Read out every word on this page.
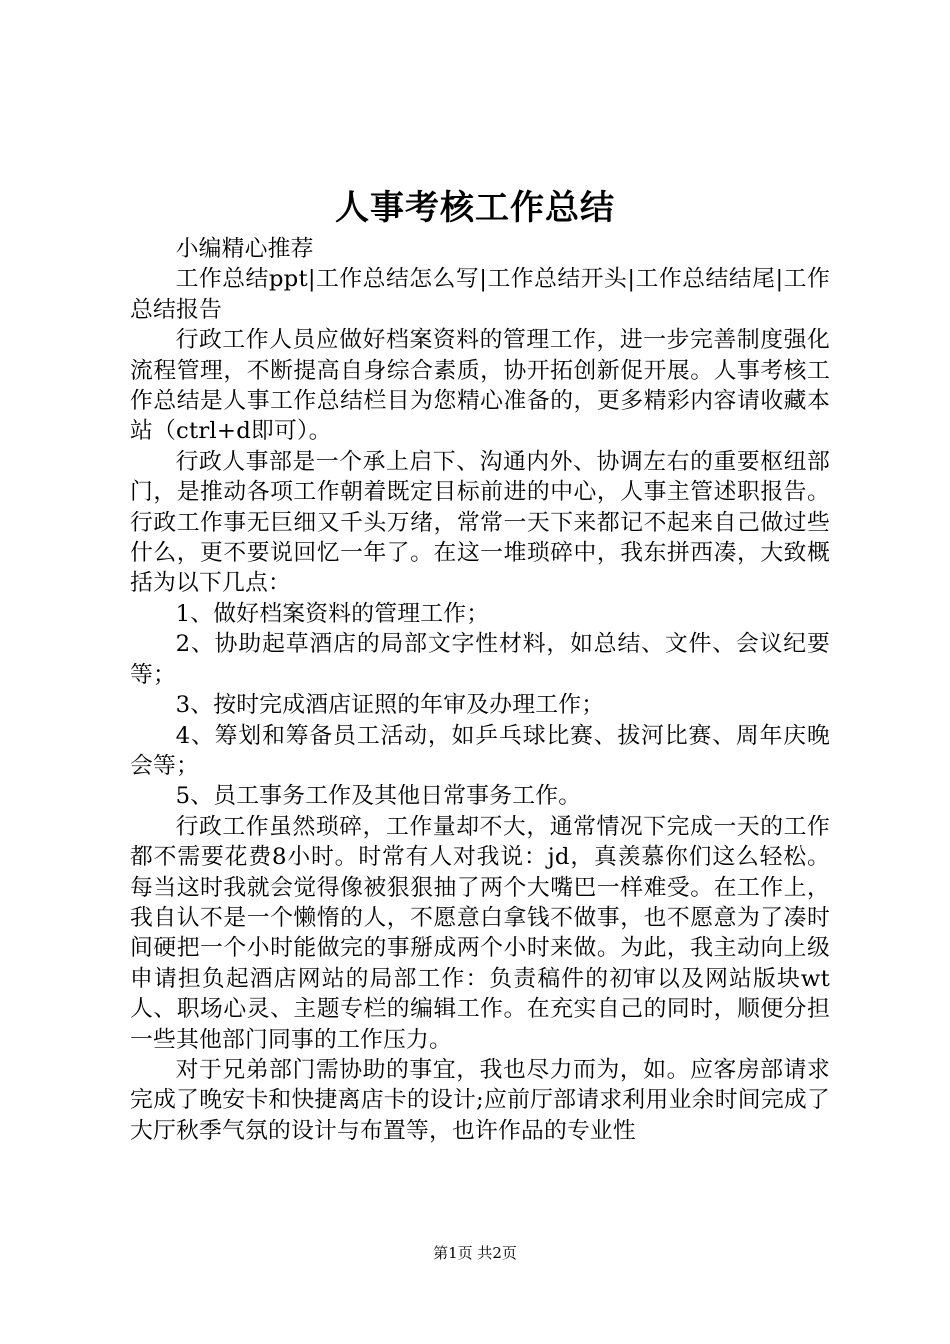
人事考核工作总结

小编精心推荐

工作总结ppt|工作总结怎么写|工作总结开头|工作总结结尾|工作总结报告

行政工作人员应做好档案资料的管理工作，进一步完善制度强化流程管理，不断提高自身综合素质，协开拓创新促开展。人事考核工作总结是人事工作总结栏目为您精心准备的，更多精彩内容请收藏本站（ctrl+d即可）。

行政人事部是一个承上启下、沟通内外、协调左右的重要枢纽部门，是推动各项工作朝着既定目标前进的中心，人事主管述职报告。行政工作事无巨细又千头万绪，常常一天下来都记不起来自己做过些什么，更不要说回忆一年了。在这一堆琐碎中，我东拼西凑，大致概括为以下几点：

1、做好档案资料的管理工作；

2、协助起草酒店的局部文字性材料，如总结、文件、会议纪要等；

3、按时完成酒店证照的年审及办理工作；

4、筹划和筹备员工活动，如乒乓球比赛、拔河比赛、周年庆晚会等；

5、员工事务工作及其他日常事务工作。

行政工作虽然琐碎，工作量却不大，通常情况下完成一天的工作都不需要花费8小时。时常有人对我说：jd，真羡慕你们这么轻松。每当这时我就会觉得像被狠狠抽了两个大嘴巴一样难受。在工作上，我自认不是一个懒惰的人，不愿意白拿钱不做事，也不愿意为了凑时间硬把一个小时能做完的事掰成两个小时来做。为此，我主动向上级申请担负起酒店网站的局部工作：负责稿件的初审以及网站版块wt人、职场心灵、主题专栏的编辑工作。在充实自己的同时，顺便分担一些其他部门同事的工作压力。

对于兄弟部门需协助的事宜，我也尽力而为，如。应客房部请求完成了晚安卡和快捷离店卡的设计;应前厅部请求利用业余时间完成了大厅秋季气氛的设计与布置等，也许作品的专业性

第1页 共2页
